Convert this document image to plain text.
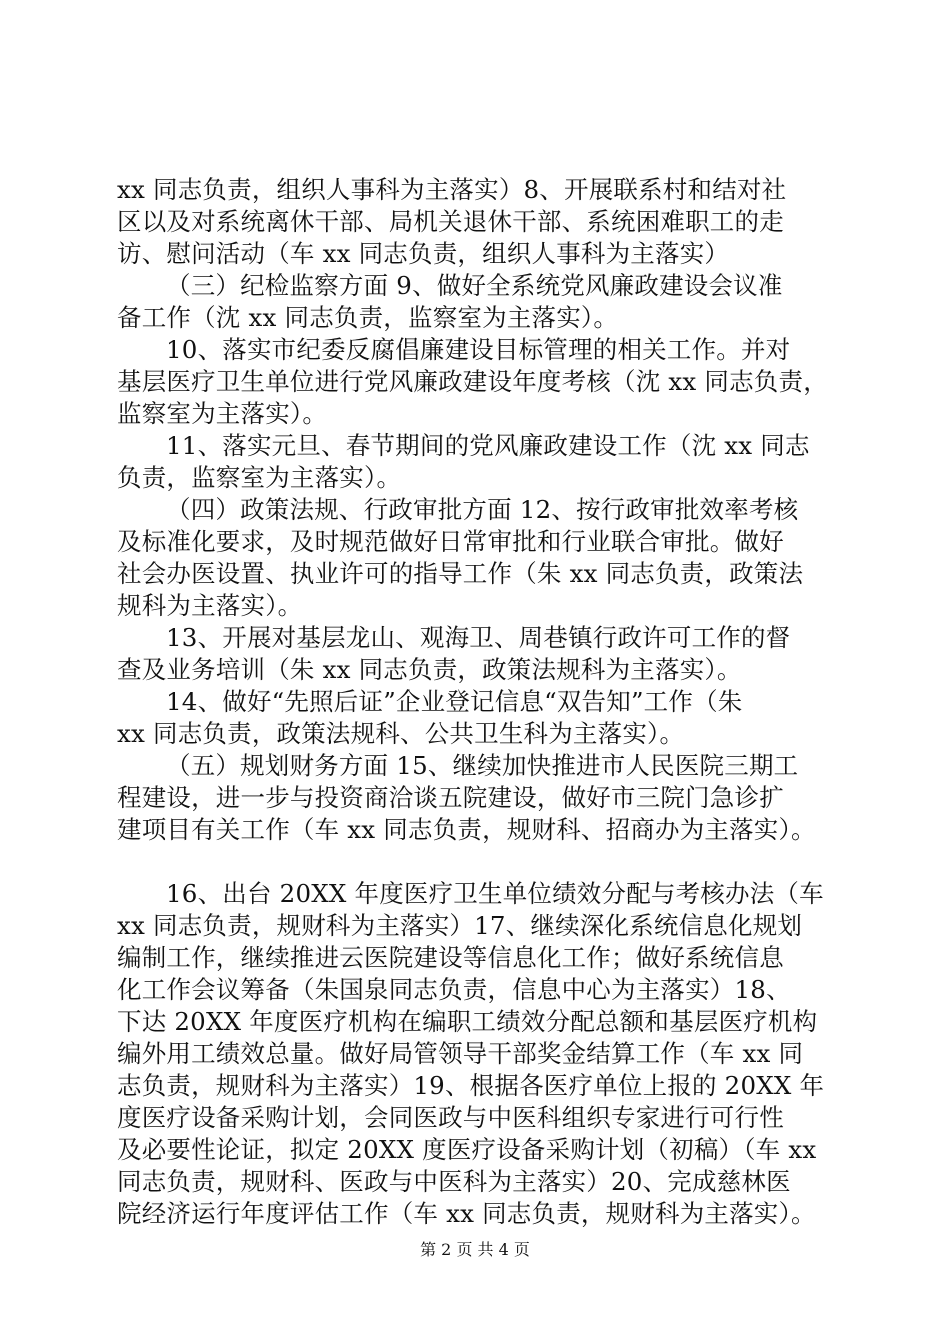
xx 同志负责，组织人事科为主落实）8、开展联系村和结对社
区以及对系统离休干部、局机关退休干部、系统困难职工的走
访、慰问活动（车 xx 同志负责，组织人事科为主落实）
（三）纪检监察方面 9、做好全系统党风廉政建设会议准
备工作（沈 xx 同志负责，监察室为主落实）。
10、落实市纪委反腐倡廉建设目标管理的相关工作。并对
基层医疗卫生单位进行党风廉政建设年度考核（沈 xx 同志负责，
监察室为主落实）。
11、落实元旦、春节期间的党风廉政建设工作（沈 xx 同志
负责，监察室为主落实）。
（四）政策法规、行政审批方面 12、按行政审批效率考核
及标准化要求，及时规范做好日常审批和行业联合审批。做好
社会办医设置、执业许可的指导工作（朱 xx 同志负责，政策法
规科为主落实）。
13、开展对基层龙山、观海卫、周巷镇行政许可工作的督
查及业务培训（朱 xx 同志负责，政策法规科为主落实）。
14、做好“先照后证”企业登记信息“双告知”工作（朱
xx 同志负责，政策法规科、公共卫生科为主落实）。
（五）规划财务方面 15、继续加快推进市人民医院三期工
程建设，进一步与投资商洽谈五院建设，做好市三院门急诊扩
建项目有关工作（车 xx 同志负责，规财科、招商办为主落实）。
16、出台 20XX 年度医疗卫生单位绩效分配与考核办法（车
xx 同志负责，规财科为主落实）17、继续深化系统信息化规划
编制工作，继续推进云医院建设等信息化工作；做好系统信息
化工作会议筹备（朱国泉同志负责，信息中心为主落实）18、
下达 20XX 年度医疗机构在编职工绩效分配总额和基层医疗机构
编外用工绩效总量。做好局管领导干部奖金结算工作（车 xx 同
志负责，规财科为主落实）19、根据各医疗单位上报的 20XX 年
度医疗设备采购计划，会同医政与中医科组织专家进行可行性
及必要性论证，拟定 20XX 度医疗设备采购计划（初稿）（车 xx
同志负责，规财科、医政与中医科为主落实）20、完成慈林医
院经济运行年度评估工作（车 xx 同志负责，规财科为主落实）。
第 2 页 共 4 页
